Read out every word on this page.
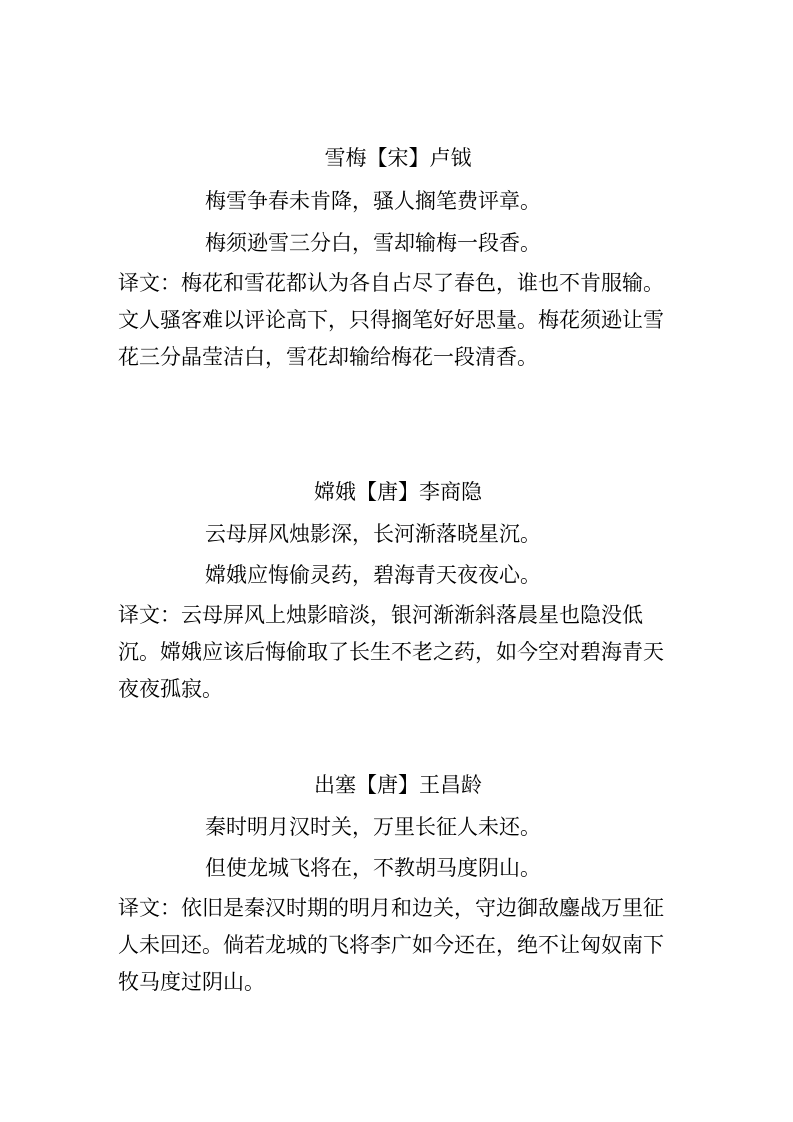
雪梅【宋】卢钺
梅雪争春未肯降，骚人搁笔费评章。
梅须逊雪三分白，雪却输梅一段香。

译文：梅花和雪花都认为各自占尽了春色，谁也不肯服输。文人骚客难以评论高下，只得搁笔好好思量。梅花须逊让雪花三分晶莹洁白，雪花却输给梅花一段清香。

嫦娥【唐】李商隐
云母屏风烛影深，长河渐落晓星沉。
嫦娥应悔偷灵药，碧海青天夜夜心。

译文：云母屏风上烛影暗淡，银河渐渐斜落晨星也隐没低沉。嫦娥应该后悔偷取了长生不老之药，如今空对碧海青天夜夜孤寂。

出塞【唐】王昌龄
秦时明月汉时关，万里长征人未还。
但使龙城飞将在，不教胡马度阴山。

译文：依旧是秦汉时期的明月和边关，守边御敌鏖战万里征人未回还。倘若龙城的飞将李广如今还在，绝不让匈奴南下牧马度过阴山。
